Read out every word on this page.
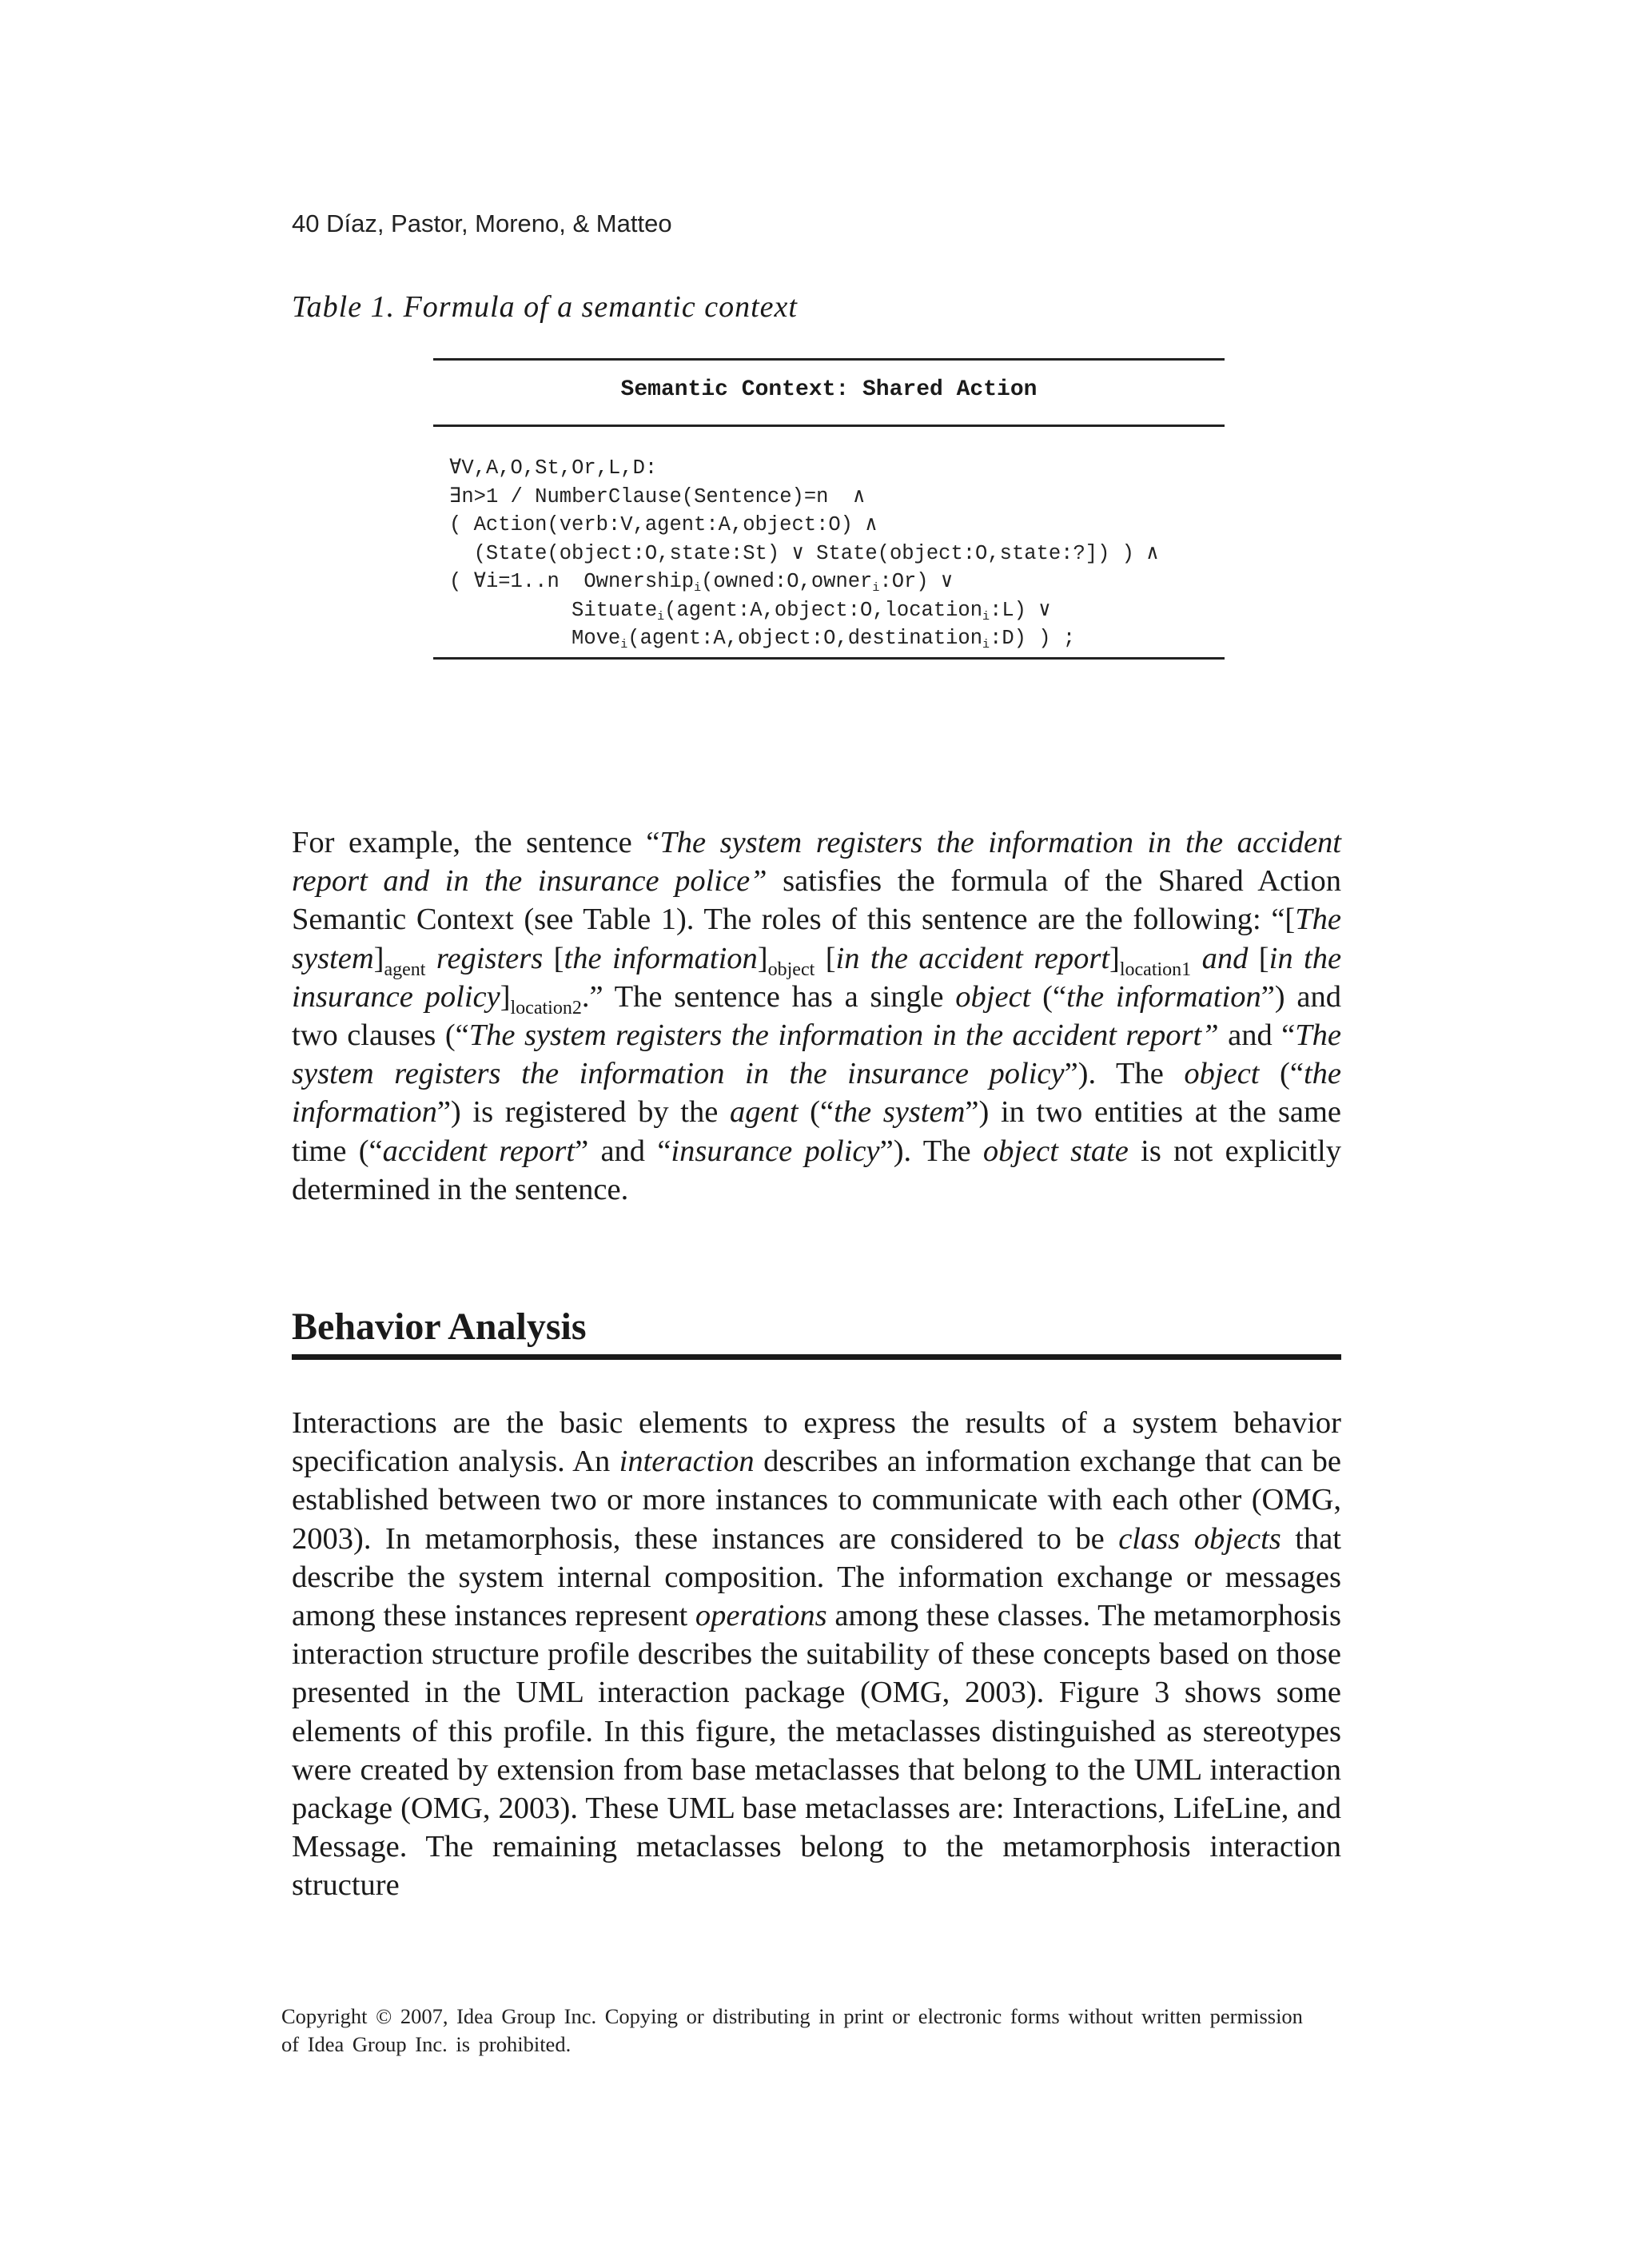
40 Díaz, Pastor, Moreno, & Matteo
Table 1. Formula of a semantic context
Semantic Context: Shared Action
∀V,A,O,St,Or,L,D:
∃n>1 / NumberClause(Sentence)=n  ∧
( Action(verb:V,agent:A,object:O) ∧
(State(object:O,state:St) ∨ State(object:O,state:?]) ) ∧
( ∀i=1..n  Ownership$_i$(owned:O,owner$_i$:Or) ∨
Situate$_i$(agent:A,object:O,location$_i$:L) ∨
Move$_i$(agent:A,object:O,destination$_i$:D) ) ;
For example, the sentence “The system registers the information in the accident report and in the insurance police” satisfies the formula of the Shared Action Semantic Context (see Table 1). The roles of this sentence are the following: “[The $system]_{agent}$ registers [the $information]_{object}$ [in the accident $report]_{location1}$ and [in the insurance $policy]_{location2}$.” The sentence has a single object (“the information”) and two clauses (“The system registers the information in the accident report” and “The system registers the information in the insurance policy”). The object (“the information”) is registered by the agent (“the system”) in two entities at the same time (“accident report” and “insurance policy”). The object state is not explicitly determined in the sentence.
Behavior Analysis
Interactions are the basic elements to express the results of a system behavior specification analysis. An interaction describes an information exchange that can be established between two or more instances to communicate with each other (OMG, 2003). In metamorphosis, these instances are considered to be class objects that describe the system internal composition. The information exchange or messages among these instances represent operations among these classes. The metamorphosis interaction structure profile describes the suitability of these concepts based on those presented in the UML interaction package (OMG, 2003). Figure 3 shows some elements of this profile. In this figure, the metaclasses distinguished as stereotypes were created by extension from base metaclasses that belong to the UML interaction package (OMG, 2003). These UML base metaclasses are: Interactions, LifeLine, and Message. The remaining metaclasses belong to the metamorphosis interaction structure
Copyright © 2007, Idea Group Inc. Copying or distributing in print or electronic forms without written permission of Idea Group Inc. is prohibited.
